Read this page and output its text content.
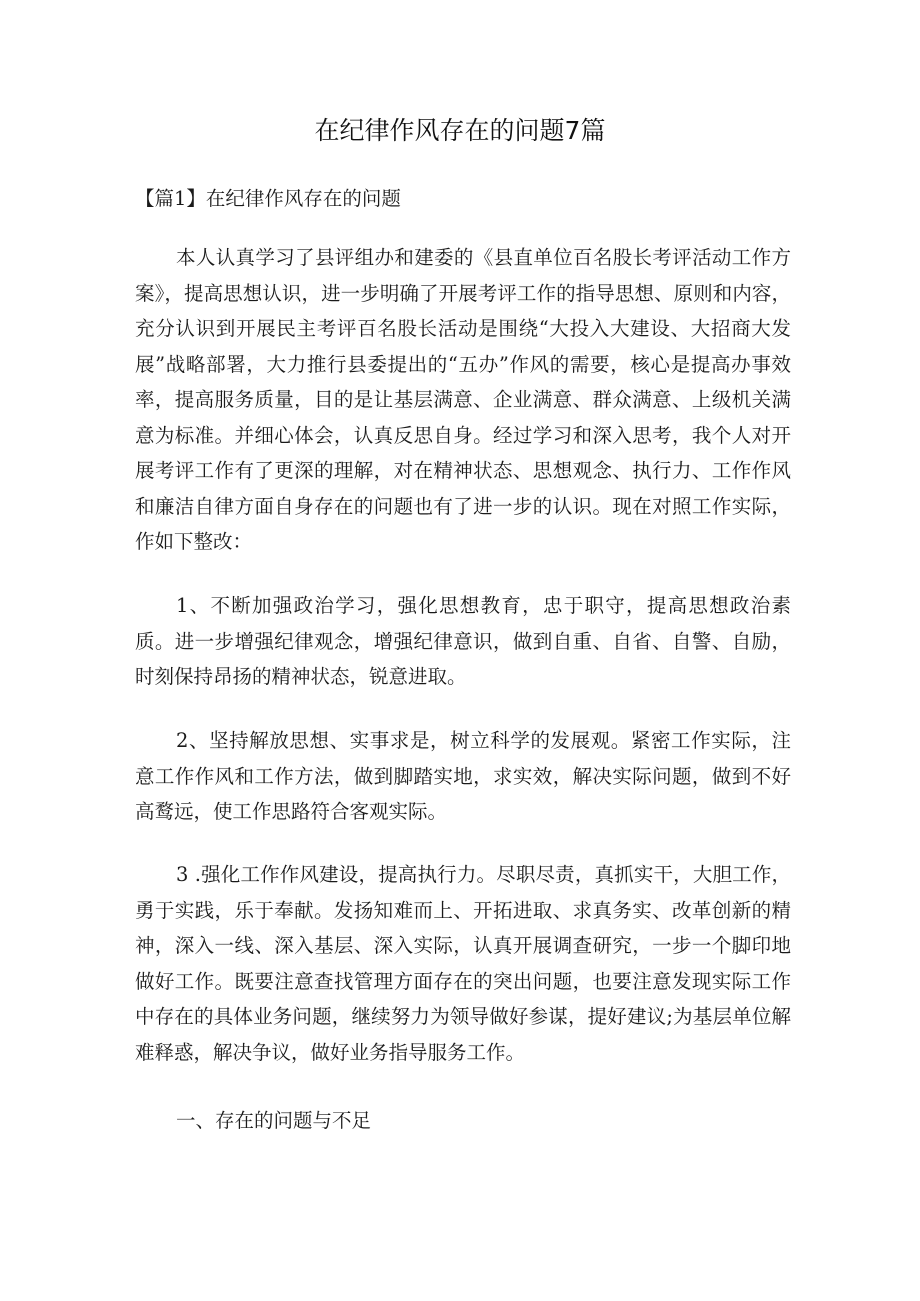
在纪律作风存在的问题7篇

【篇1】在纪律作风存在的问题

本人认真学习了县评组办和建委的《县直单位百名股长考评活动工作方案》，提高思想认识，进一步明确了开展考评工作的指导思想、原则和内容，充分认识到开展民主考评百名股长活动是围绕“大投入大建设、大招商大发展”战略部署，大力推行县委提出的“五办”作风的需要，核心是提高办事效率，提高服务质量，目的是让基层满意、企业满意、群众满意、上级机关满意为标准。并细心体会，认真反思自身。经过学习和深入思考，我个人对开展考评工作有了更深的理解，对在精神状态、思想观念、执行力、工作作风和廉洁自律方面自身存在的问题也有了进一步的认识。现在对照工作实际，作如下整改：

1、不断加强政治学习，强化思想教育，忠于职守，提高思想政治素质。进一步增强纪律观念，增强纪律意识，做到自重、自省、自警、自励，时刻保持昂扬的精神状态，锐意进取。

2、坚持解放思想、实事求是，树立科学的发展观。紧密工作实际，注意工作作风和工作方法，做到脚踏实地，求实效，解决实际问题，做到不好高鹜远，使工作思路符合客观实际。

3 .强化工作作风建设，提高执行力。尽职尽责，真抓实干，大胆工作，勇于实践，乐于奉献。发扬知难而上、开拓进取、求真务实、改革创新的精神，深入一线、深入基层、深入实际，认真开展调查研究，一步一个脚印地做好工作。既要注意查找管理方面存在的突出问题，也要注意发现实际工作中存在的具体业务问题，继续努力为领导做好参谋，提好建议;为基层单位解难释惑，解决争议，做好业务指导服务工作。

一、存在的问题与不足
